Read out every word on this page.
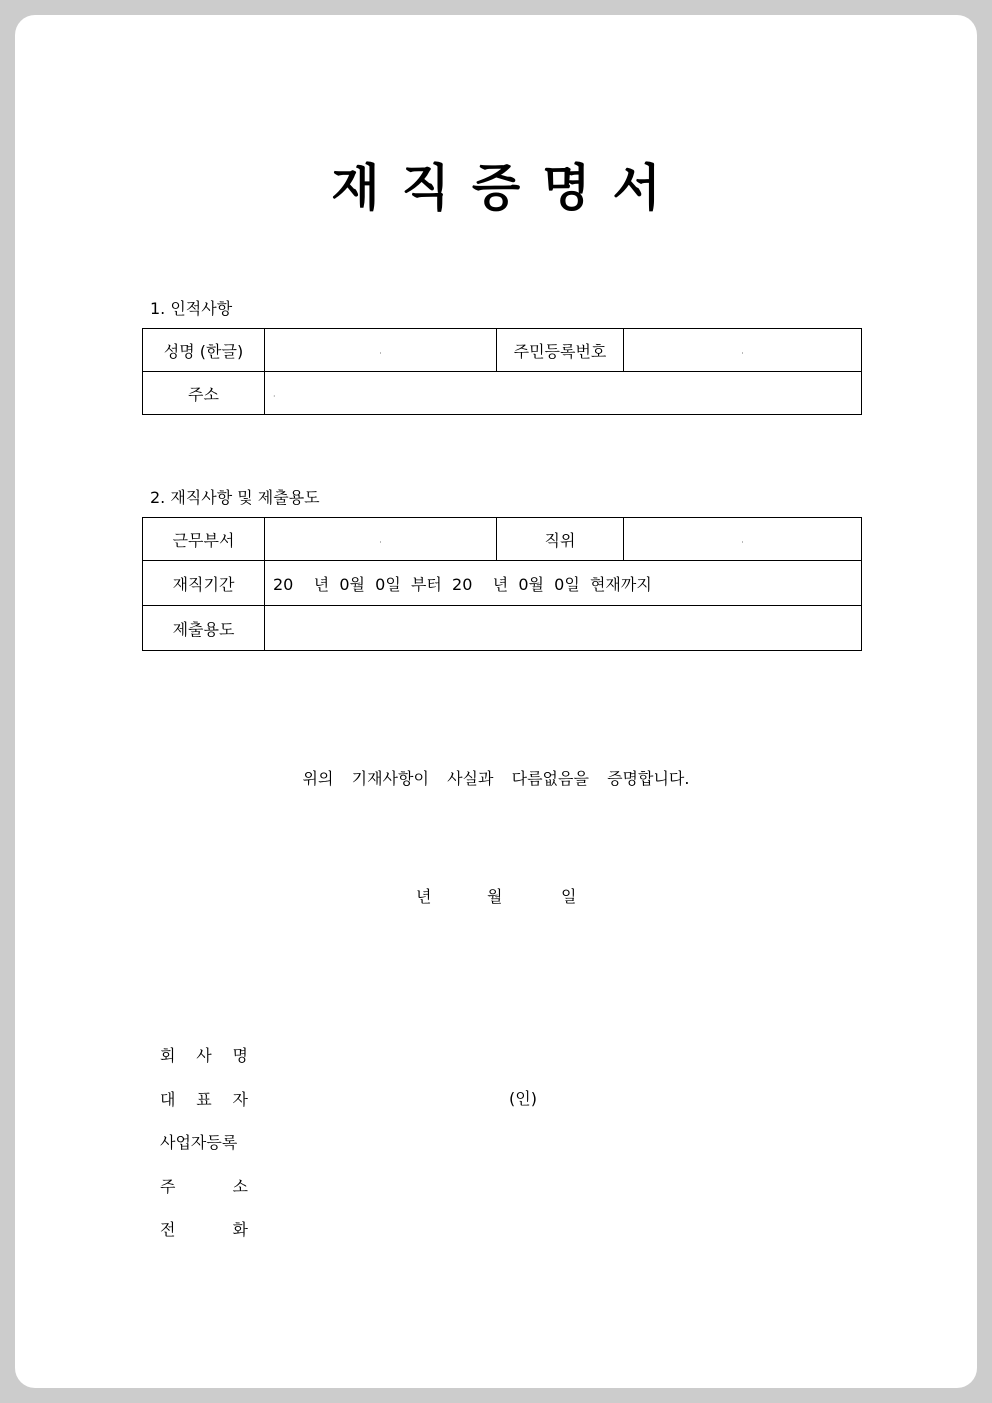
재 직 증 명 서
1. 인적사항
성명 (한글)	·	주민등록번호	·
주소	·		
2. 재직사항 및 제출용도
근무부서	·	직위	·
재직기간	20    년  0월  0일  부터  20    년  0월  0일  현재까지		
제출용도			
위의  기재사항이  사실과  다름없음을  증명합니다.
년	월	일
회 사 명
대 표 자	(인)
사업자등록
주 소
전 화
